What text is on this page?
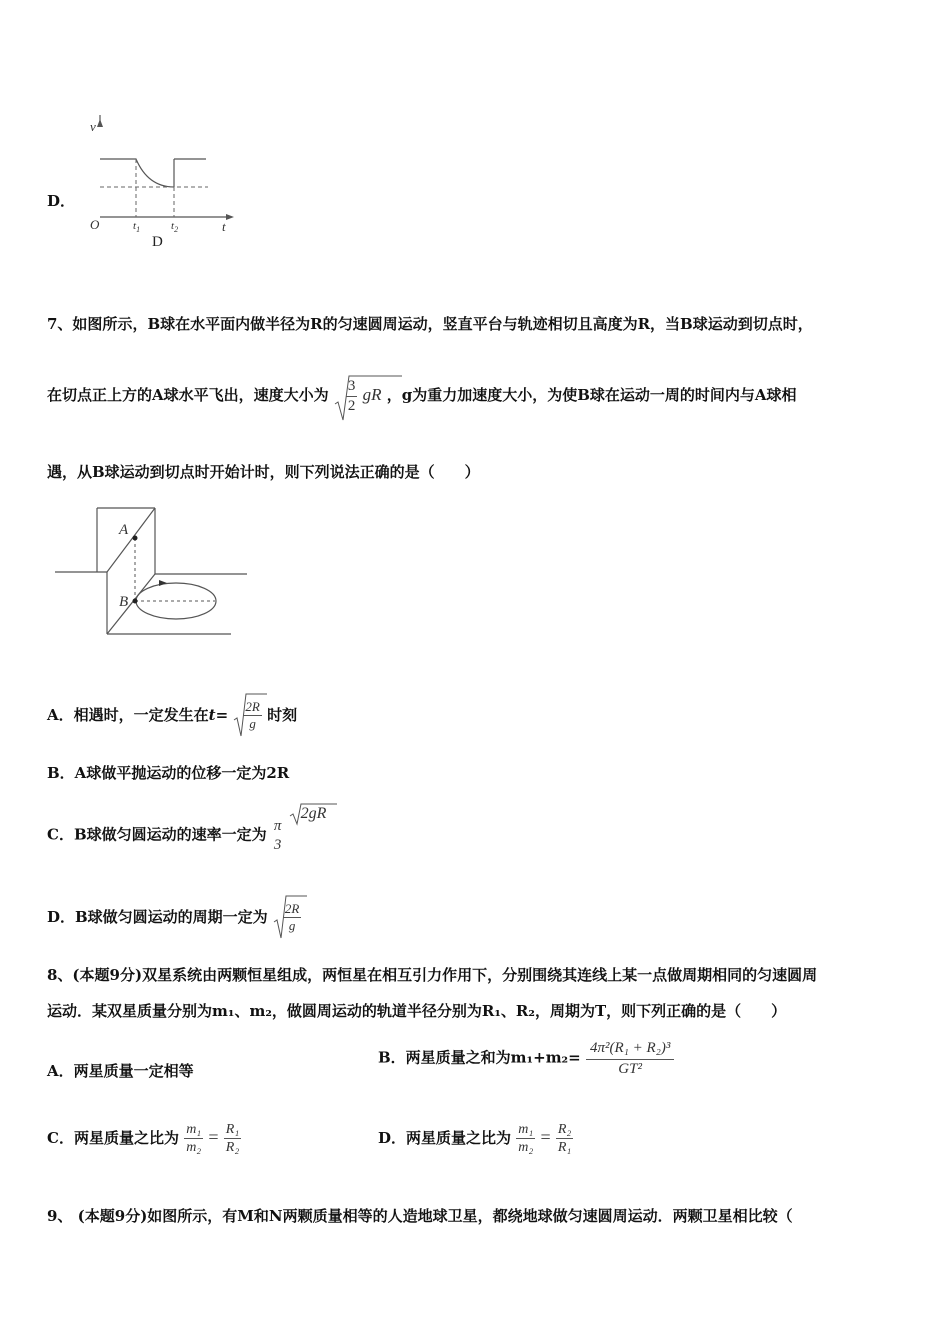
D．
v
t
O	$t_1$	$t_2$
D
7、如图所示，B球在水平面内做半径为R的匀速圆周运动，竖直平台与轨迹相切且高度为R，当B球运动到切点时，
在切点正上方的A球水平飞出，速度大小为 $\frac{3}{2}$ gR ，g为重力加速度大小，为使B球在运动一周的时间内与A球相
遇，从B球运动到切点时开始计时，则下列说法正确的是（　　）
A
B
A．相遇时，一定发生在$t= \frac{2R}{g}$ 时刻
B．A球做平抛运动的位移一定为2R
C．B球做匀圆运动的速率一定为 π
3

2gR
D．B球做匀圆运动的周期一定为 $\frac{2R}{g}$
8、(本题9分)双星系统由两颗恒星组成，两恒星在相互引力作用下，分别围绕其连线上某一点做周期相同的匀速圆周
运动．某双星质量分别为m₁、m₂，做圆周运动的轨道半径分别为R₁、R₂，周期为T，则下列正确的是（　　）
A．两星质量一定相等
B．两星质量之和为$m_1+m_2= \frac{\text{4π²(R₁ + R₂)³}}{\text{GT²}}$
C．两星质量之比为 $\frac{\text{m₁}}{\text{m₂}} = \frac{\text{R₁}}{\text{R₂}}$	D．两星质量之比为 $\frac{\text{m₁}}{\text{m₂}} = \frac{\text{R₂}}{\text{R₁}}$
9、 (本题9分)如图所示，有M和N两颗质量相等的人造地球卫星，都绕地球做匀速圆周运动．两颗卫星相比较（
